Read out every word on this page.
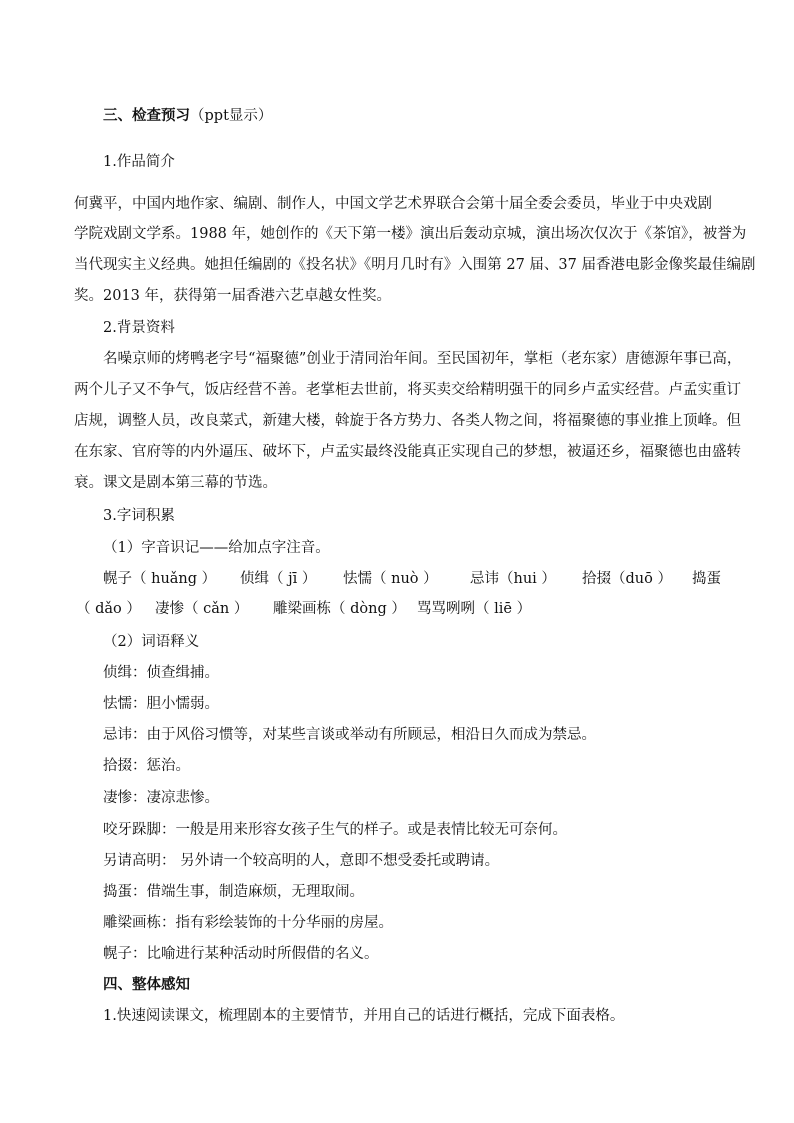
三、检查预习（ppt显示）
1.作品简介
何冀平，中国内地作家、编剧、制作人，中国文学艺术界联合会第十届全委会委员，毕业于中央戏剧
学院戏剧文学系。1988 年，她创作的《天下第一楼》演出后轰动京城，演出场次仅次于《茶馆》，被誉为
当代现实主义经典。她担任编剧的《投名状》《明月几时有》入围第 27 届、37 届香港电影金像奖最佳编剧
奖。2013 年，获得第一届香港六艺卓越女性奖。
2.背景资料
名噪京师的烤鸭老字号“福聚德”创业于清同治年间。至民国初年，掌柜（老东家）唐德源年事已高，
两个儿子又不争气，饭店经营不善。老掌柜去世前，将买卖交给精明强干的同乡卢孟实经营。卢孟实重订
店规，调整人员，改良菜式，新建大楼，斡旋于各方势力、各类人物之间，将福聚德的事业推上顶峰。但
在东家、官府等的内外逼压、破坏下，卢孟实最终没能真正实现自己的梦想，被逼还乡，福聚德也由盛转
衰。课文是剧本第三幕的节选。
3.字词积累
（1）字音识记——给加点字注音。
幌子（ huǎng ） 侦缉（ jī ） 怯懦（ nuò ） 忌讳（hui ） 拾掇（duō ） 捣蛋
（ dǎo ） 凄惨（ cǎn ） 雕梁画栋（ dòng ） 骂骂咧咧（ liē ）
（2）词语释义
侦缉：侦查缉捕。
怯懦：胆小懦弱。
忌讳：由于风俗习惯等，对某些言谈或举动有所顾忌，相沿日久而成为禁忌。
拾掇：惩治。
凄惨：凄凉悲惨。
咬牙跺脚：一般是用来形容女孩子生气的样子。或是表情比较无可奈何。
另请高明： 另外请一个较高明的人，意即不想受委托或聘请。
捣蛋：借端生事，制造麻烦，无理取闹。
雕梁画栋：指有彩绘装饰的十分华丽的房屋。
幌子：比喻进行某种活动时所假借的名义。
四、整体感知
1.快速阅读课文，梳理剧本的主要情节，并用自己的话进行概括，完成下面表格。
